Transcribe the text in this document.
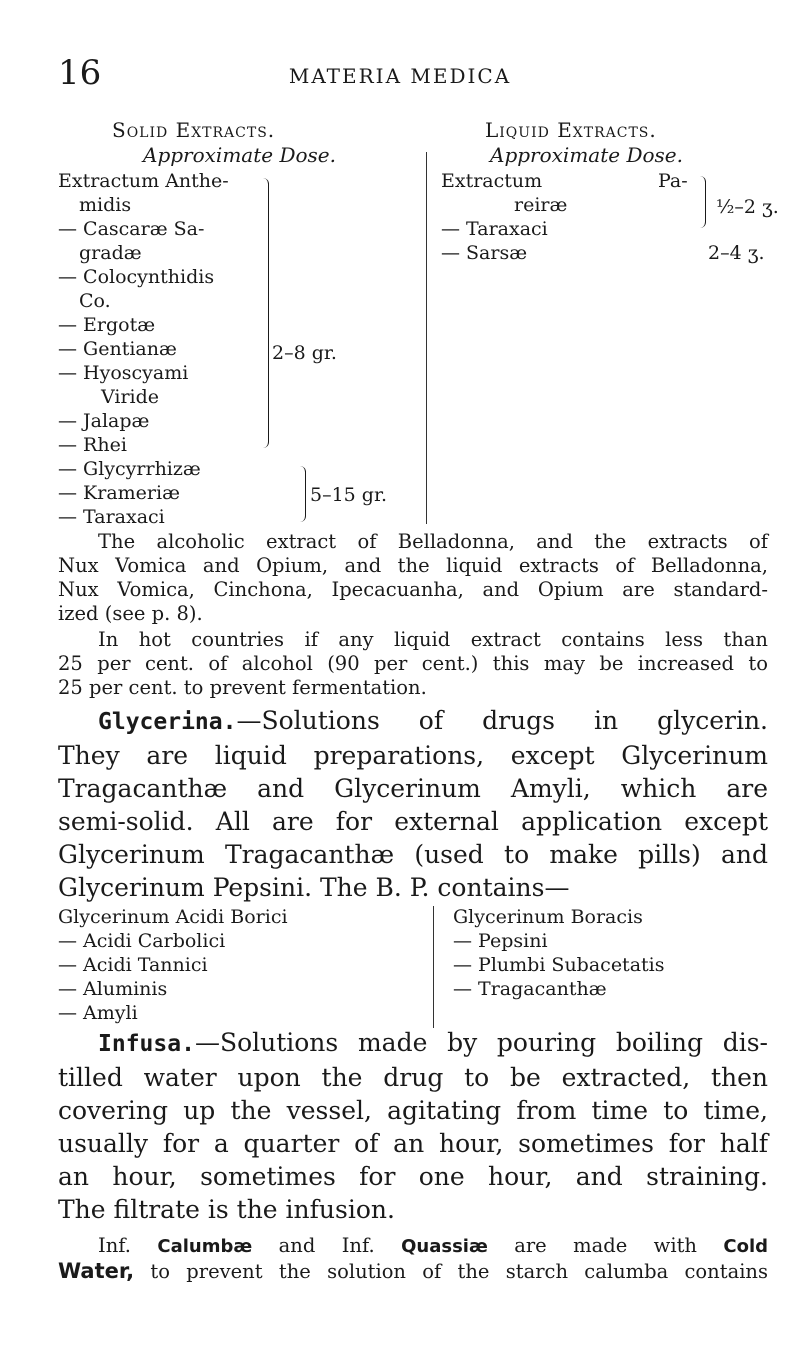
16	MATERIA MEDICA
Solid Extracts.
Approximate Dose.
Extractum Anthe-
midis
— Cascaræ Sa-
gradæ
— Colocynthidis
Co.
— Ergotæ
— Gentianæ
— Hyoscyami
Viride
— Jalapæ
— Rhei
— Glycyrrhizæ
— Krameriæ
— Taraxaci
2–8 gr.
5–15 gr.
Liquid Extracts.
Approximate Dose.
Extractum	Pa-
reiræ
— Taraxaci
— Sarsæ
½–2 ʒ.
2–4 ʒ.
The alcoholic extract of Belladonna, and the extracts of
Nux Vomica and Opium, and the liquid extracts of Belladonna,
Nux Vomica, Cinchona, Ipecacuanha, and Opium are standard-
ized (see p. 8).
In hot countries if any liquid extract contains less than
25 per cent. of alcohol (90 per cent.) this may be increased to
25 per cent. to prevent fermentation.
Glycerina.—Solutions of drugs in glycerin.
They are liquid preparations, except Glycerinum
Tragacanthæ and Glycerinum Amyli, which are
semi-solid. All are for external application except
Glycerinum Tragacanthæ (used to make pills) and
Glycerinum Pepsini. The B. P. contains—
Glycerinum Acidi Borici
— Acidi Carbolici
— Acidi Tannici
— Aluminis
— Amyli
Glycerinum Boracis
— Pepsini
— Plumbi Subacetatis
— Tragacanthæ
Infusa.—Solutions made by pouring boiling dis-
tilled water upon the drug to be extracted, then
covering up the vessel, agitating from time to time,
usually for a quarter of an hour, sometimes for half
an hour, sometimes for one hour, and straining.
The filtrate is the infusion.
Inf. Calumbæ and Inf. Quassiæ are made with Cold
Water, to prevent the solution of the starch calumba contains
